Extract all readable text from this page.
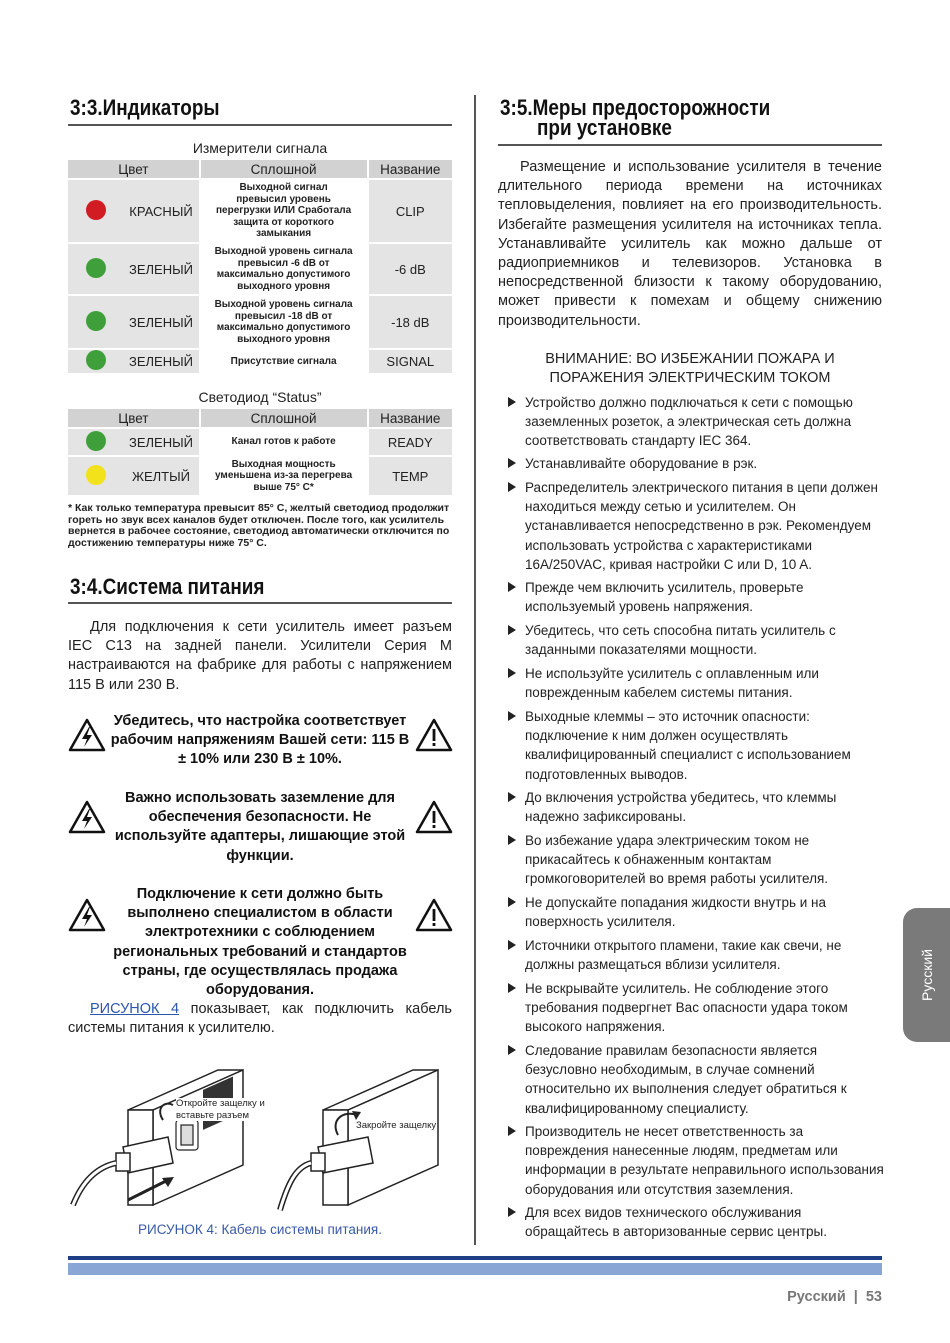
3:3.Индикаторы
Измерители сигнала
Цвет		Сплошной	Название
	КРАСНЫЙ	Выходной сигнал превысил уровень перегрузки ИЛИ Сработала защита от короткого замыкания	CLIP
	ЗЕЛЕНЫЙ	Выходной уровень сигнала превысил -6 dB от максимально допустимого выходного уровня	-6 dB
	ЗЕЛЕНЫЙ	Выходной уровень сигнала превысил -18 dB от максимально допустимого выходного уровня	-18 dB
	ЗЕЛЕНЫЙ	Присутствие сигнала	SIGNAL
Светодиод “Status”
Цвет		Сплошной	Название
	ЗЕЛЕНЫЙ	Канал готов к работе	READY
	ЖЕЛТЫЙ	Выходная мощность уменьшена из-за перегрева выше 75° C*	TEMP
* Как только температура превысит 85° C, желтый светодиод продолжит гореть но звук всех каналов будет отключен. После того, как усилитель вернется в рабочее состояние, светодиод автоматически отключится по достижению температуры ниже 75° C.
3:4.Система питания
Для подключения к сети усилитель имеет разъем IEC C13 на задней панели. Усилители Серия M настраиваются на фабрике для работы с напряжением 115 В или 230 В.
Убедитесь, что настройка соответствует рабочим напряжениям Вашей сети: 115 В ± 10% или 230 В ± 10%.
Важно использовать заземление для обеспечения безопасности. Не используйте адаптеры, лишающие этой функции.
Подключение к сети должно быть выполнено специалистом в области электротехники с соблюдением региональных требований и стандартов страны, где осуществлялась продажа оборудования.
РИСУНОК 4 показывает, как подключить кабель системы питания к усилителю.
Откройте защелку и вставьте разъем
Закройте защелку
РИСУНОК 4: Кабель системы питания.
3:5.Меры предосторожности
при установке
Размещение и использование усилителя в течение длительного периода времени на источниках тепловыделения, повлияет на его производительность. Избегайте размещения усилителя на источниках тепла. Устанавливайте усилитель как можно дальше от радиоприемников и телевизоров. Установка в непосредственной близости к такому оборудованию, может привести к помехам и общему снижению производительности.
ВНИМАНИЕ: ВО ИЗБЕЖАНИИ ПОЖАРА И ПОРАЖЕНИЯ ЭЛЕКТРИЧЕСКИМ ТОКОМ
Устройство должно подключаться к сети с помощью заземленных розеток, а электрическая сеть должна соответствовать стандарту IEC 364.
Устанавливайте оборудование в рэк.
Распределитель электрического питания в цепи должен находиться между сетью и усилителем. Он устанавливается непосредственно в рэк. Рекомендуем использовать устройства с характеристиками 16A/250VAC, кривая настройки C или D, 10 A.
Прежде чем включить усилитель, проверьте используемый уровень напряжения.
Убедитесь, что сеть способна питать усилитель с заданными показателями мощности.
Не используйте усилитель с оплавленным или поврежденным кабелем системы питания.
Выходные клеммы – это источник опасности: подключение к ним должен осуществлять квалифицированный специалист с использованием подготовленных выводов.
До включения устройства убедитесь, что клеммы надежно зафиксированы.
Во избежание удара электрическим током не прикасайтесь к обнаженным контактам громкоговорителей во время работы усилителя.
Не допускайте попадания жидкости внутрь и на поверхность усилителя.
Источники открытого пламени, такие как свечи, не должны размещаться вблизи усилителя.
Не вскрывайте усилитель. Не соблюдение этого требования подвергнет Вас опасности удара током высокого напряжения.
Следование правилам безопасности является безусловно необходимым, в случае сомнений относительно их выполнения следует обратиться к квалифицированному специалисту.
Производитель не несет ответственность за повреждения нанесенные людям, предметам или информации в результате неправильного использования оборудования или отсутствия заземления.
Для всех видов технического обслуживания обращайтесь в авторизованные сервис центры.
Русский
Русский | 53
